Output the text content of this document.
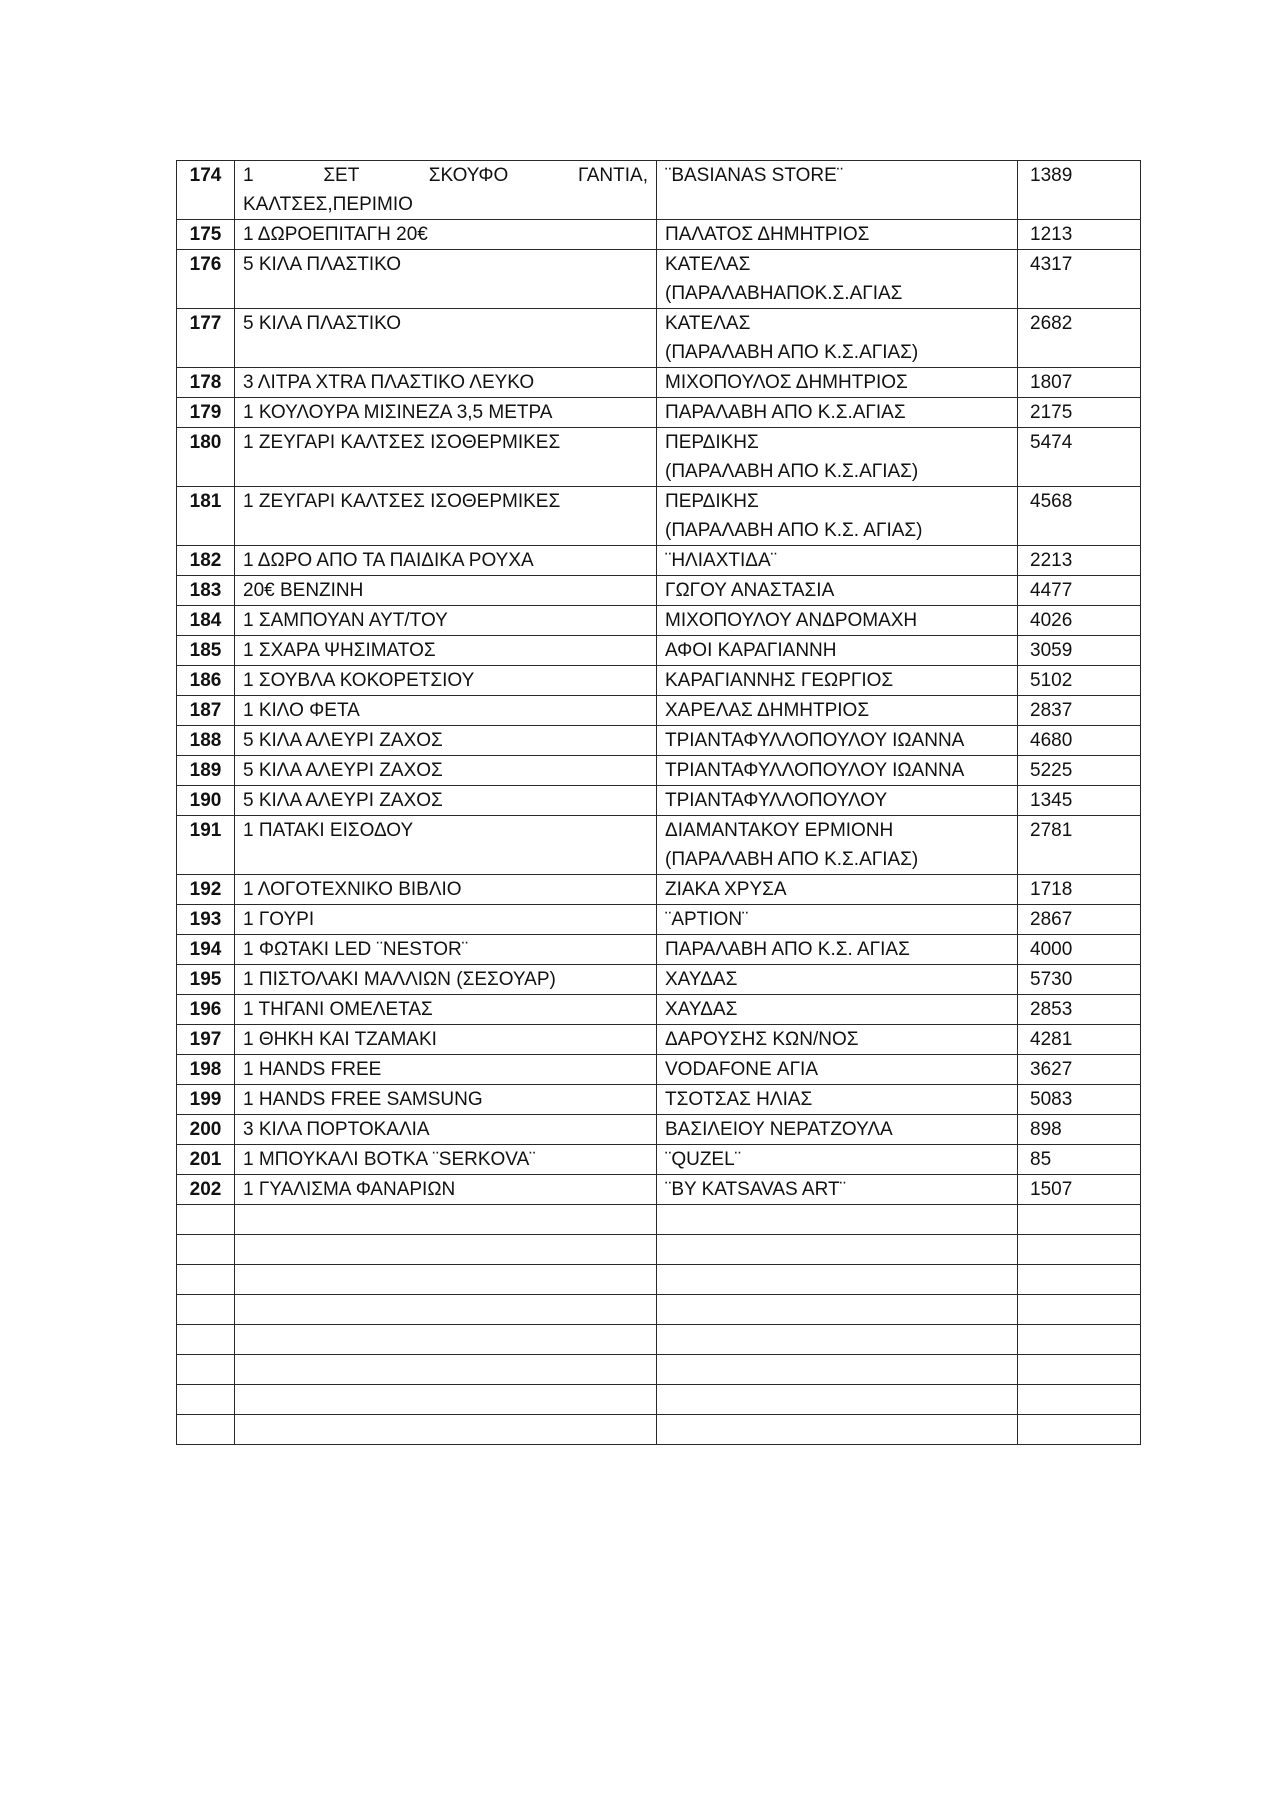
174	1 ΣΕΤ ΣΚΟΥΦΟ ΓΑΝΤΙΑ,
ΚΑΛΤΣΕΣ,ΠΕΡΙΜΙΟ	¨BASIANAS STORE¨	1389
175	1 ΔΩΡΟΕΠΙΤΑΓΗ 20€	ΠΑΛΑΤΟΣ ΔΗΜΗΤΡΙΟΣ	1213
176	5 ΚΙΛΑ ΠΛΑΣΤΙΚΟ	ΚΑΤΕΛΑΣ
(ΠΑΡΑΛΑΒΗΑΠΟΚ.Σ.ΑΓΙΑΣ	4317
177	5 ΚΙΛΑ ΠΛΑΣΤΙΚΟ	ΚΑΤΕΛΑΣ
(ΠΑΡΑΛΑΒΗ ΑΠΟ Κ.Σ.ΑΓΙΑΣ)	2682
178	3 ΛΙΤΡΑ XTRA ΠΛΑΣΤΙΚΟ ΛΕΥΚΟ	ΜΙΧΟΠΟΥΛΟΣ ΔΗΜΗΤΡΙΟΣ	1807
179	1 ΚΟΥΛΟΥΡΑ ΜΙΣΙΝΕΖΑ 3,5 ΜΕΤΡΑ	ΠΑΡΑΛΑΒΗ ΑΠΟ Κ.Σ.ΑΓΙΑΣ	2175
180	1 ΖΕΥΓΑΡΙ ΚΑΛΤΣΕΣ ΙΣΟΘΕΡΜΙΚΕΣ	ΠΕΡΔΙΚΗΣ
(ΠΑΡΑΛΑΒΗ ΑΠΟ Κ.Σ.ΑΓΙΑΣ)	5474
181	1 ΖΕΥΓΑΡΙ ΚΑΛΤΣΕΣ ΙΣΟΘΕΡΜΙΚΕΣ	ΠΕΡΔΙΚΗΣ
(ΠΑΡΑΛΑΒΗ ΑΠΟ Κ.Σ. ΑΓΙΑΣ)	4568
182	1 ΔΩΡΟ ΑΠΟ ΤΑ ΠΑΙΔΙΚΑ ΡΟΥΧΑ	¨ΗΛΙΑΧΤΙΔΑ¨	2213
183	20€ ΒΕΝΖΙΝΗ	ΓΩΓΟΥ ΑΝΑΣΤΑΣΙΑ	4477
184	1 ΣΑΜΠΟΥΑΝ ΑΥΤ/ΤΟΥ	ΜΙΧΟΠΟΥΛΟΥ ΑΝΔΡΟΜΑΧΗ	4026
185	1 ΣΧΑΡΑ ΨΗΣΙΜΑΤΟΣ	ΑΦΟΙ ΚΑΡΑΓΙΑΝΝΗ	3059
186	1 ΣΟΥΒΛΑ ΚΟΚΟΡΕΤΣΙΟΥ	ΚΑΡΑΓΙΑΝΝΗΣ ΓΕΩΡΓΙΟΣ	5102
187	1 ΚΙΛΟ ΦΕΤΑ	ΧΑΡΕΛΑΣ ΔΗΜΗΤΡΙΟΣ	2837
188	5 ΚΙΛΑ ΑΛΕΥΡΙ ΖΑΧΟΣ	ΤΡΙΑΝΤΑΦΥΛΛΟΠΟΥΛΟΥ ΙΩΑΝΝΑ	4680
189	5 ΚΙΛΑ ΑΛΕΥΡΙ ΖΑΧΟΣ	ΤΡΙΑΝΤΑΦΥΛΛΟΠΟΥΛΟΥ ΙΩΑΝΝΑ	5225
190	5 ΚΙΛΑ ΑΛΕΥΡΙ ΖΑΧΟΣ	ΤΡΙΑΝΤΑΦΥΛΛΟΠΟΥΛΟΥ	1345
191	1 ΠΑΤΑΚΙ ΕΙΣΟΔΟΥ	ΔΙΑΜΑΝΤΑΚΟΥ ΕΡΜΙΟΝΗ
(ΠΑΡΑΛΑΒΗ ΑΠΟ Κ.Σ.ΑΓΙΑΣ)	2781
192	1 ΛΟΓΟΤΕΧΝΙΚΟ ΒΙΒΛΙΟ	ΖΙΑΚΑ ΧΡΥΣΑ	1718
193	1 ΓΟΥΡΙ	¨ΑΡΤΙΟΝ¨	2867
194	1 ΦΩΤΑΚΙ LED ¨NESTOR¨	ΠΑΡΑΛΑΒΗ ΑΠΟ Κ.Σ. ΑΓΙΑΣ	4000
195	1 ΠΙΣΤΟΛΑΚΙ ΜΑΛΛΙΩΝ (ΣΕΣΟΥΑΡ)	ΧΑΥΔΑΣ	5730
196	1 ΤΗΓΑΝΙ ΟΜΕΛΕΤΑΣ	ΧΑΥΔΑΣ	2853
197	1 ΘΗΚΗ ΚΑΙ ΤΖΑΜΑΚΙ	ΔΑΡΟΥΣΗΣ ΚΩΝ/ΝΟΣ	4281
198	1 HANDS FREE	VODAFONE ΑΓΙΑ	3627
199	1 HANDS FREE SAMSUNG	ΤΣΟΤΣΑΣ ΗΛΙΑΣ	5083
200	3 ΚΙΛΑ ΠΟΡΤΟΚΑΛΙΑ	ΒΑΣΙΛΕΙΟΥ ΝΕΡΑΤΖΟΥΛΑ	898
201	1 ΜΠΟΥΚΑΛΙ ΒΟΤΚΑ ¨SERKOVA¨	¨QUZEL¨	85
202	1 ΓΥΑΛΙΣΜΑ ΦΑΝΑΡΙΩΝ	¨BY KATSAVAS ART¨	1507
